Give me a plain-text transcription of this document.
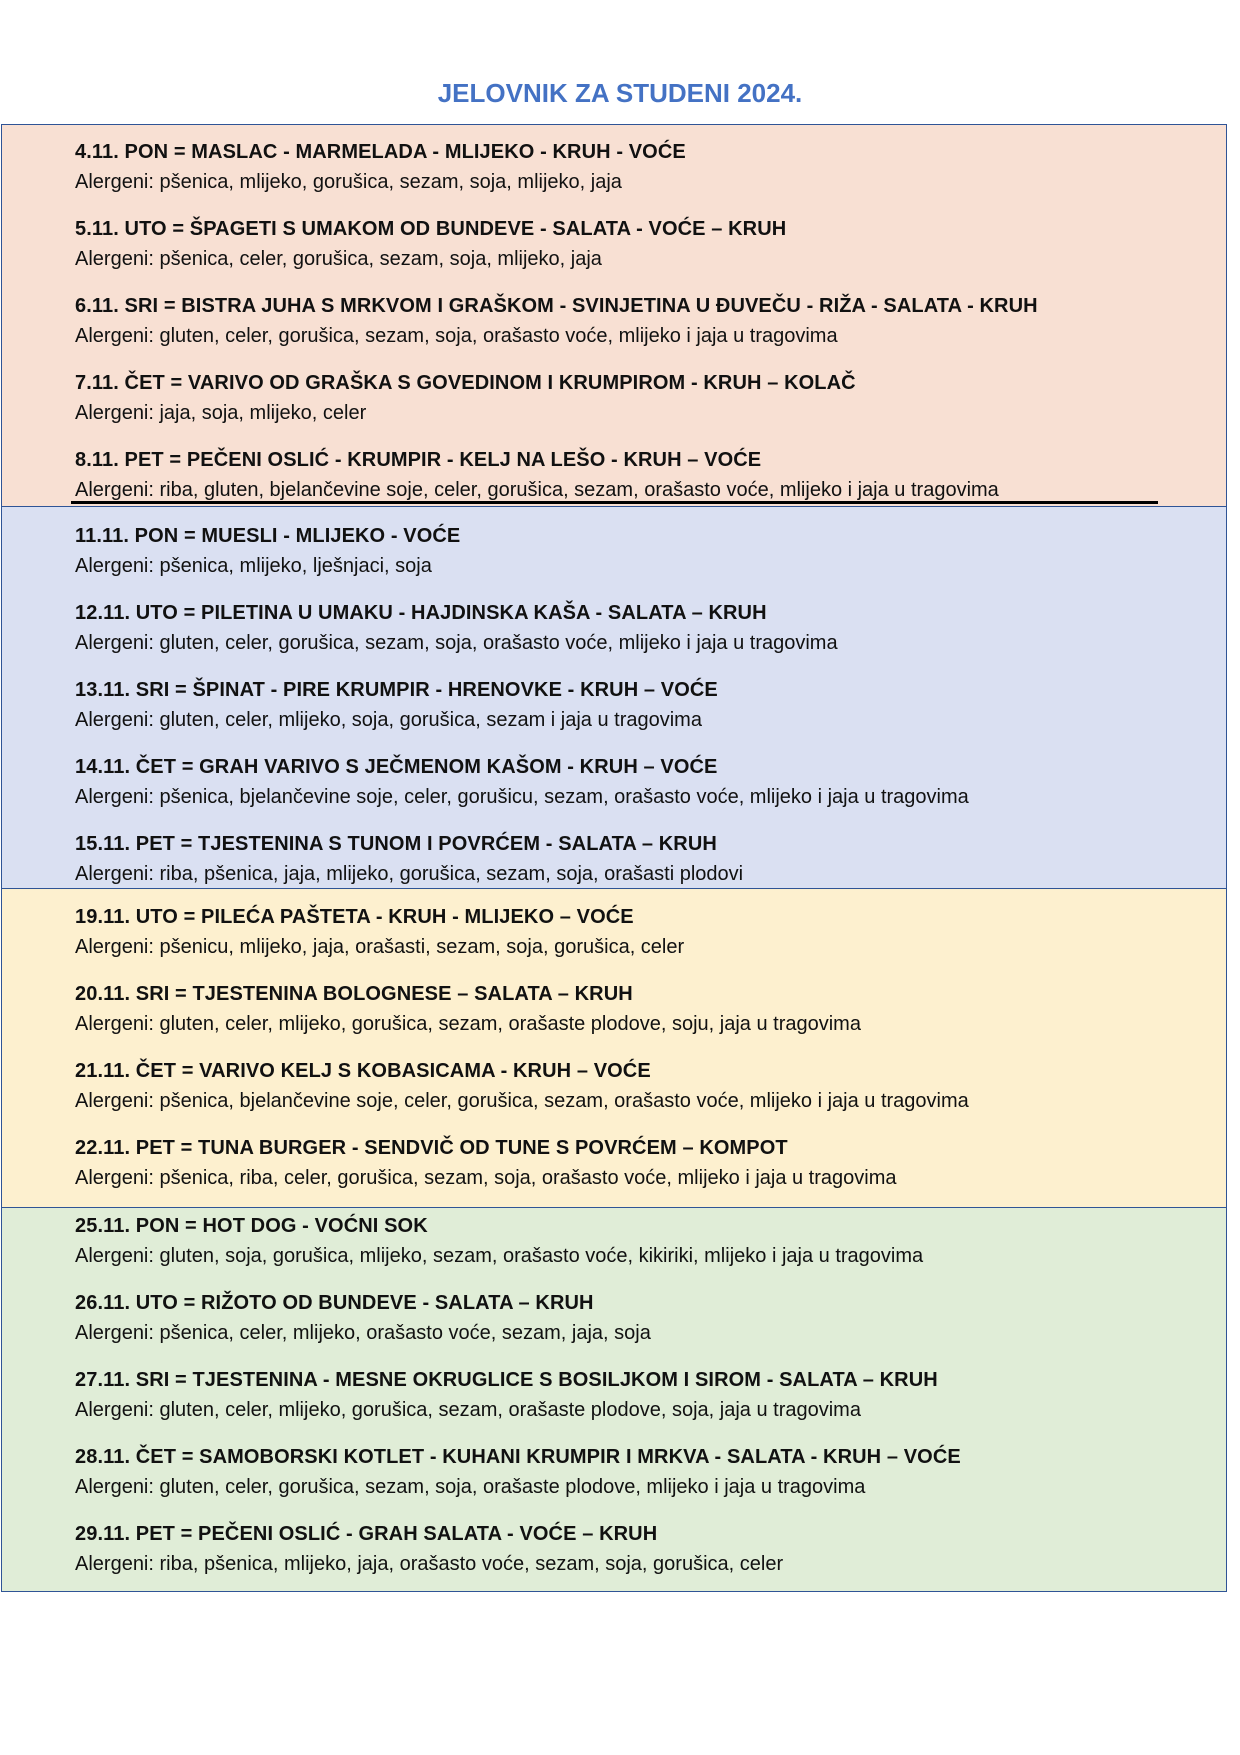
JELOVNIK ZA STUDENI 2024.
4.11. PON = MASLAC - MARMELADA - MLIJEKO - KRUH - VOĆE
Alergeni: pšenica, mlijeko, gorušica, sezam, soja, mlijeko, jaja
5.11. UTO = ŠPAGETI S UMAKOM OD BUNDEVE - SALATA - VOĆE – KRUH
Alergeni: pšenica, celer, gorušica, sezam, soja, mlijeko, jaja
6.11. SRI = BISTRA JUHA S MRKVOM I GRAŠKOM - SVINJETINA U ĐUVEČU - RIŽA - SALATA - KRUH
Alergeni: gluten, celer, gorušica, sezam, soja, orašasto voće, mlijeko i jaja u tragovima
7.11. ČET = VARIVO OD GRAŠKA S GOVEDINOM I KRUMPIROM - KRUH – KOLAČ
Alergeni: jaja, soja, mlijeko, celer
8.11. PET = PEČENI OSLIĆ - KRUMPIR - KELJ NA LEŠO - KRUH – VOĆE
Alergeni: riba, gluten, bjelančevine soje, celer, gorušica, sezam, orašasto voće, mlijeko i jaja u tragovima
11.11. PON = MUESLI - MLIJEKO - VOĆE
Alergeni: pšenica, mlijeko, lješnjaci, soja
12.11. UTO = PILETINA U UMAKU - HAJDINSKA KAŠA - SALATA – KRUH
Alergeni: gluten, celer, gorušica, sezam, soja, orašasto voće, mlijeko i jaja u tragovima
13.11. SRI = ŠPINAT - PIRE KRUMPIR - HRENOVKE - KRUH – VOĆE
Alergeni: gluten, celer, mlijeko, soja, gorušica, sezam i jaja u tragovima
14.11. ČET = GRAH VARIVO S JEČMENOM KAŠOM - KRUH – VOĆE
Alergeni: pšenica, bjelančevine soje, celer, gorušicu, sezam, orašasto voće, mlijeko i jaja u tragovima
15.11. PET = TJESTENINA S TUNOM I POVRĆEM - SALATA – KRUH
Alergeni: riba, pšenica, jaja, mlijeko, gorušica, sezam, soja, orašasti plodovi
19.11. UTO = PILEĆA PAŠTETA - KRUH - MLIJEKO – VOĆE
Alergeni: pšenicu, mlijeko, jaja, orašasti, sezam, soja, gorušica, celer
20.11. SRI = TJESTENINA BOLOGNESE – SALATA – KRUH
Alergeni: gluten, celer, mlijeko, gorušica, sezam, orašaste plodove, soju, jaja u tragovima
21.11. ČET = VARIVO KELJ S KOBASICAMA - KRUH – VOĆE
Alergeni: pšenica, bjelančevine soje, celer, gorušica, sezam, orašasto voće, mlijeko i jaja u tragovima
22.11. PET = TUNA BURGER - SENDVIČ OD TUNE S POVRĆEM – KOMPOT
Alergeni: pšenica, riba, celer, gorušica, sezam, soja, orašasto voće, mlijeko i jaja u tragovima
25.11. PON = HOT DOG - VOĆNI SOK
Alergeni: gluten, soja, gorušica, mlijeko, sezam, orašasto voće, kikiriki, mlijeko i jaja u tragovima
26.11. UTO = RIŽOTO OD BUNDEVE - SALATA – KRUH
Alergeni: pšenica, celer, mlijeko, orašasto voće, sezam, jaja, soja
27.11. SRI = TJESTENINA - MESNE OKRUGLICE S BOSILJKOM I SIROM - SALATA – KRUH
Alergeni: gluten, celer, mlijeko, gorušica, sezam, orašaste plodove, soja, jaja u tragovima
28.11. ČET = SAMOBORSKI KOTLET - KUHANI KRUMPIR I MRKVA - SALATA - KRUH – VOĆE
Alergeni: gluten, celer, gorušica, sezam, soja, orašaste plodove, mlijeko i jaja u tragovima
29.11. PET = PEČENI OSLIĆ - GRAH SALATA - VOĆE – KRUH
Alergeni: riba, pšenica, mlijeko, jaja, orašasto voće, sezam, soja, gorušica, celer
